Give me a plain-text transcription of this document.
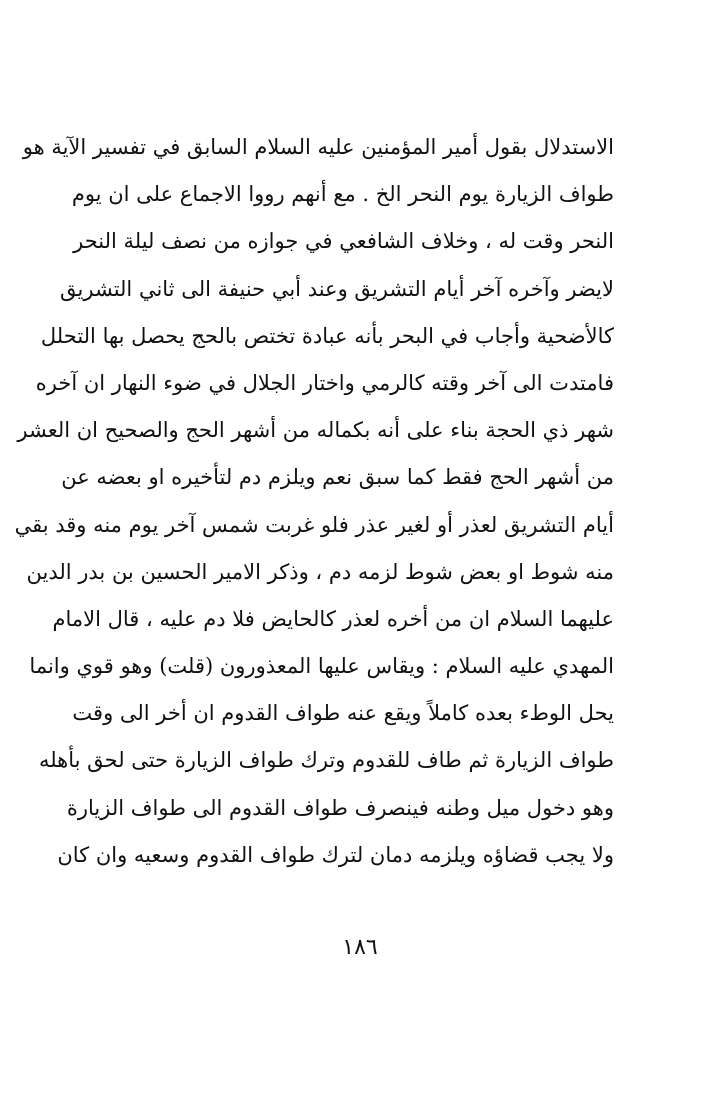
الاستدلال بقول أمير المؤمنين عليه السلام السابق في تفسير الآية هو
طواف الزيارة يوم النحر الخ . مع أنهم رووا الاجماع على ان يوم
النحر وقت له ، وخلاف الشافعي في جوازه من نصف ليلة النحر
لايضر وآخره آخر أيام التشريق وعند أبي حنيفة الى ثاني التشريق
كالأضحية وأجاب في البحر بأنه عبادة تختص بالحج يحصل بها التحلل
فامتدت الى آخر وقته كالرمي واختار الجلال في ضوء النهار ان آخره
شهر ذي الحجة بناء على أنه بكماله من أشهر الحج والصحيح ان العشر
من أشهر الحج فقط كما سبق نعم ويلزم دم لتأخيره او بعضه عن
أيام التشريق لعذر أو لغير عذر فلو غربت شمس آخر يوم منه وقد بقي
منه شوط او بعض شوط لزمه دم ، وذكر الامير الحسين بن بدر الدين
عليهما السلام ان من أخره لعذر كالحايض فلا دم عليه ، قال الامام
المهدي عليه السلام : ويقاس عليها المعذورون (قلت) وهو قوي وانما
يحل الوطء بعده كاملاً ويقع عنه طواف القدوم ان أخر الى وقت
طواف الزيارة ثم طاف للقدوم وترك طواف الزيارة حتى لحق بأهله
وهو دخول ميل وطنه فينصرف طواف القدوم الى طواف الزيارة
ولا يجب قضاؤه ويلزمه دمان لترك طواف القدوم وسعيه وان كان
١٨٦
